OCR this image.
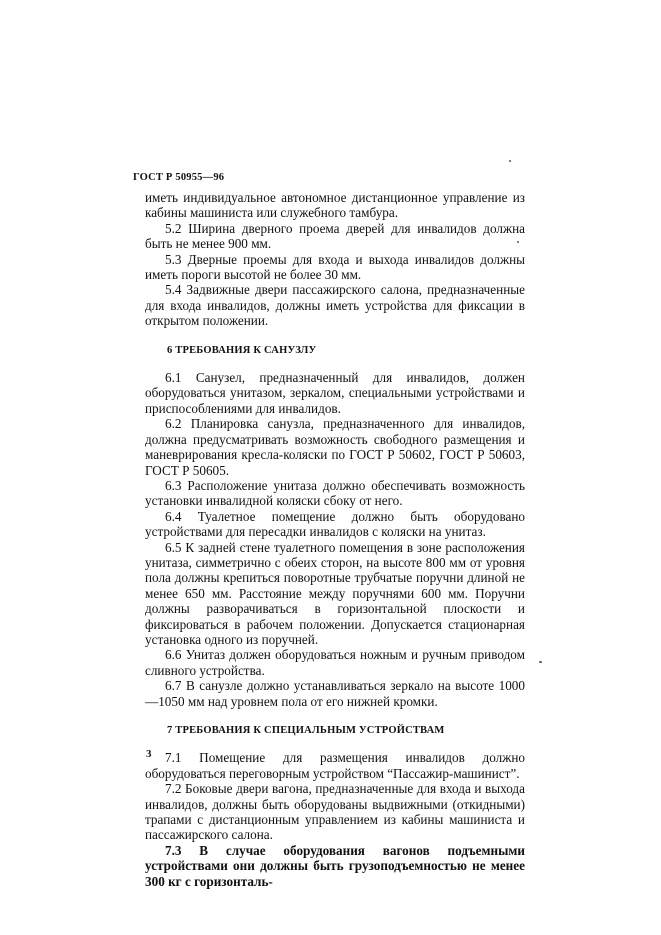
ГОСТ Р 50955—96

иметь индивидуальное автономное дистанционное управление из кабины машиниста или служебного тамбура.

5.2 Ширина дверного проема дверей для инвалидов должна быть не менее 900 мм.

5.3 Дверные проемы для входа и выхода инвалидов должны иметь пороги высотой не более 30 мм.

5.4 Задвижные двери пассажирского салона, предназначенные для входа инвалидов, должны иметь устройства для фиксации в открытом положении.

6 ТРЕБОВАНИЯ К САНУЗЛУ

6.1 Санузел, предназначенный для инвалидов, должен оборудоваться унитазом, зеркалом, специальными устройствами и приспособлениями для инвалидов.

6.2 Планировка санузла, предназначенного для инвалидов, должна предусматривать возможность свободного размещения и маневрирования кресла-коляски по ГОСТ Р 50602, ГОСТ Р 50603, ГОСТ Р 50605.

6.3 Расположение унитаза должно обеспечивать возможность установки инвалидной коляски сбоку от него.

6.4 Туалетное помещение должно быть оборудовано устройствами для пересадки инвалидов с коляски на унитаз.

6.5 К задней стене туалетного помещения в зоне расположения унитаза, симметрично с обеих сторон, на высоте 800 мм от уровня пола должны крепиться поворотные трубчатые поручни длиной не менее 650 мм. Расстояние между поручнями 600 мм. Поручни должны разворачиваться в горизонтальной плоскости и фиксироваться в рабочем положении. Допускается стационарная установка одного из поручней.

6.6 Унитаз должен оборудоваться ножным и ручным приводом сливного устройства.

6.7 В санузле должно устанавливаться зеркало на высоте 1000—1050 мм над уровнем пола от его нижней кромки.

7 ТРЕБОВАНИЯ К СПЕЦИАЛЬНЫМ УСТРОЙСТВАМ

7.1 Помещение для размещения инвалидов должно оборудоваться переговорным устройством “Пассажир-машинист”.

7.2 Боковые двери вагона, предназначенные для входа и выхода инвалидов, должны быть оборудованы выдвижными (откидными) трапами с дистанционным управлением из кабины машиниста и пассажирского салона.

7.3 В случае оборудования вагонов подъемными устройствами они должны быть грузоподъемностью не менее 300 кг с горизонталь-

3
